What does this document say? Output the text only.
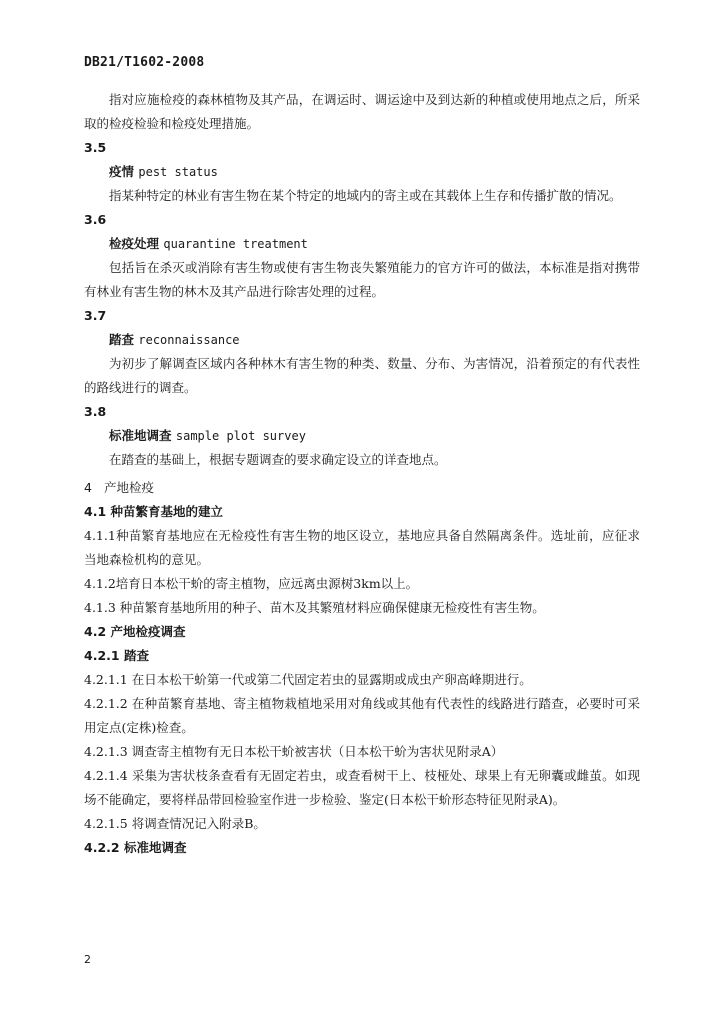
DB21/T1602-2008

指对应施检疫的森林植物及其产品，在调运时、调运途中及到达新的种植或使用地点之后，所采取的检疫检验和检疫处理措施。

3.5

疫情 pest status

指某种特定的林业有害生物在某个特定的地域内的寄主或在其载体上生存和传播扩散的情况。

3.6

检疫处理 quarantine treatment

包括旨在杀灭或消除有害生物或使有害生物丧失繁殖能力的官方许可的做法，本标准是指对携带有林业有害生物的林木及其产品进行除害处理的过程。

3.7

踏查 reconnaissance

为初步了解调查区域内各种林木有害生物的种类、数量、分布、为害情况，沿着预定的有代表性的路线进行的调查。

3.8

标准地调查 sample plot survey

在踏查的基础上，根据专题调查的要求确定设立的详查地点。

4 产地检疫

4.1 种苗繁育基地的建立

4.1.1种苗繁育基地应在无检疫性有害生物的地区设立，基地应具备自然隔离条件。选址前，应征求当地森检机构的意见。

4.1.2培育日本松干蚧的寄主植物，应远离虫源树3km以上。

4.1.3 种苗繁育基地所用的种子、苗木及其繁殖材料应确保健康无检疫性有害生物。

4.2 产地检疫调查

4.2.1 踏查

4.2.1.1 在日本松干蚧第一代或第二代固定若虫的显露期或成虫产卵高峰期进行。

4.2.1.2 在种苗繁育基地、寄主植物栽植地采用对角线或其他有代表性的线路进行踏查，必要时可采用定点(定株)检查。

4.2.1.3 调查寄主植物有无日本松干蚧被害状（日本松干蚧为害状见附录A）

4.2.1.4 采集为害状枝条查看有无固定若虫，或查看树干上、枝桠处、球果上有无卵囊或雌茧。如现场不能确定，要将样品带回检验室作进一步检验、鉴定(日本松干蚧形态特征见附录A)。

4.2.1.5 将调查情况记入附录B。

4.2.2 标准地调查

2
